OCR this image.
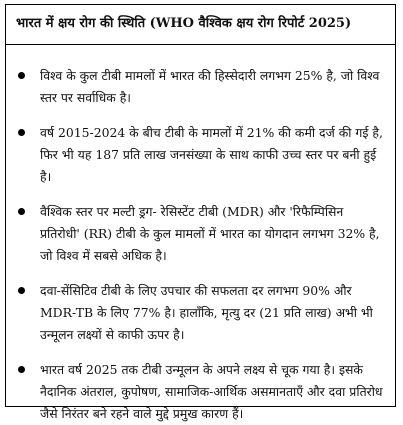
भारत में क्षय रोग की स्थिति (WHO वैश्विक क्षय रोग रिपोर्ट 2025)
विश्व के कुल टीबी मामलों में भारत की हिस्सेदारी लगभग 25% है, जो विश्व स्तर पर सर्वाधिक है।
वर्ष 2015-2024 के बीच टीबी के मामलों में 21% की कमी दर्ज की गई है, फिर भी यह 187 प्रति लाख जनसंख्या के साथ काफी उच्च स्तर पर बनी हुई है।
वैश्विक स्तर पर मल्टी ड्रग- रेसिस्टेंट टीबी (MDR) और 'रिफैम्पिसिन प्रतिरोधी' (RR) टीबी के कुल मामलों में भारत का योगदान लगभग 32% है, जो विश्व में सबसे अधिक है।
दवा-सेंसिटिव टीबी के लिए उपचार की सफलता दर लगभग 90% और MDR-TB के लिए 77% है। हालाँकि, मृत्यु दर (21 प्रति लाख) अभी भी उन्मूलन लक्ष्यों से काफी ऊपर है।
भारत वर्ष 2025 तक टीबी उन्मूलन के अपने लक्ष्य से चूक गया है। इसके नैदानिक अंतराल, कुपोषण, सामाजिक-आर्थिक असमानताएँ और दवा प्रतिरोध जैसे निरंतर बने रहने वाले मुद्दे प्रमुख कारण हैं।
